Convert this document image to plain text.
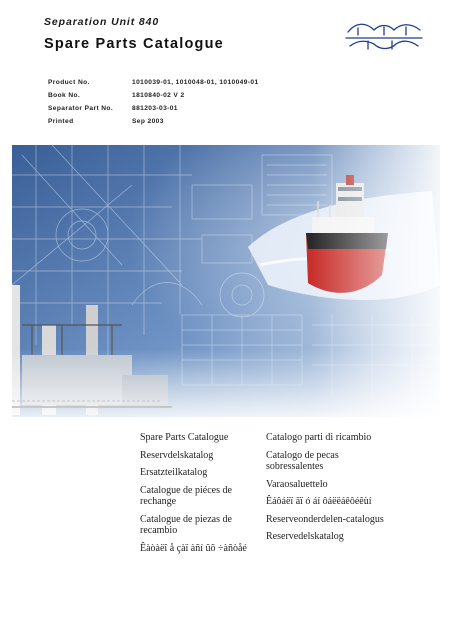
Separation Unit 840
Spare Parts Catalogue
Product No.	1010039-01, 1010048-01, 1010049-01
Book No.	1810840-02 V 2
Separator Part No.	881203-03-01
Printed	Sep 2003
Spare Parts Catalogue
Reservdelskatalog
Ersatzteilkatalog
Catalogue de piéces de rechange
Catalogue de piezas de recambio
Êàòàëî å çàï àñí ûõ ÷àñòåé
Catalogo parti di ricambio
Catalogo de pecas sobressalentes
Varaosaluettelo
Êáôáëï ãï ó áí ôáëëáêôéêùí
Reserveonderdelen-catalogus
Reservedelskatalog
